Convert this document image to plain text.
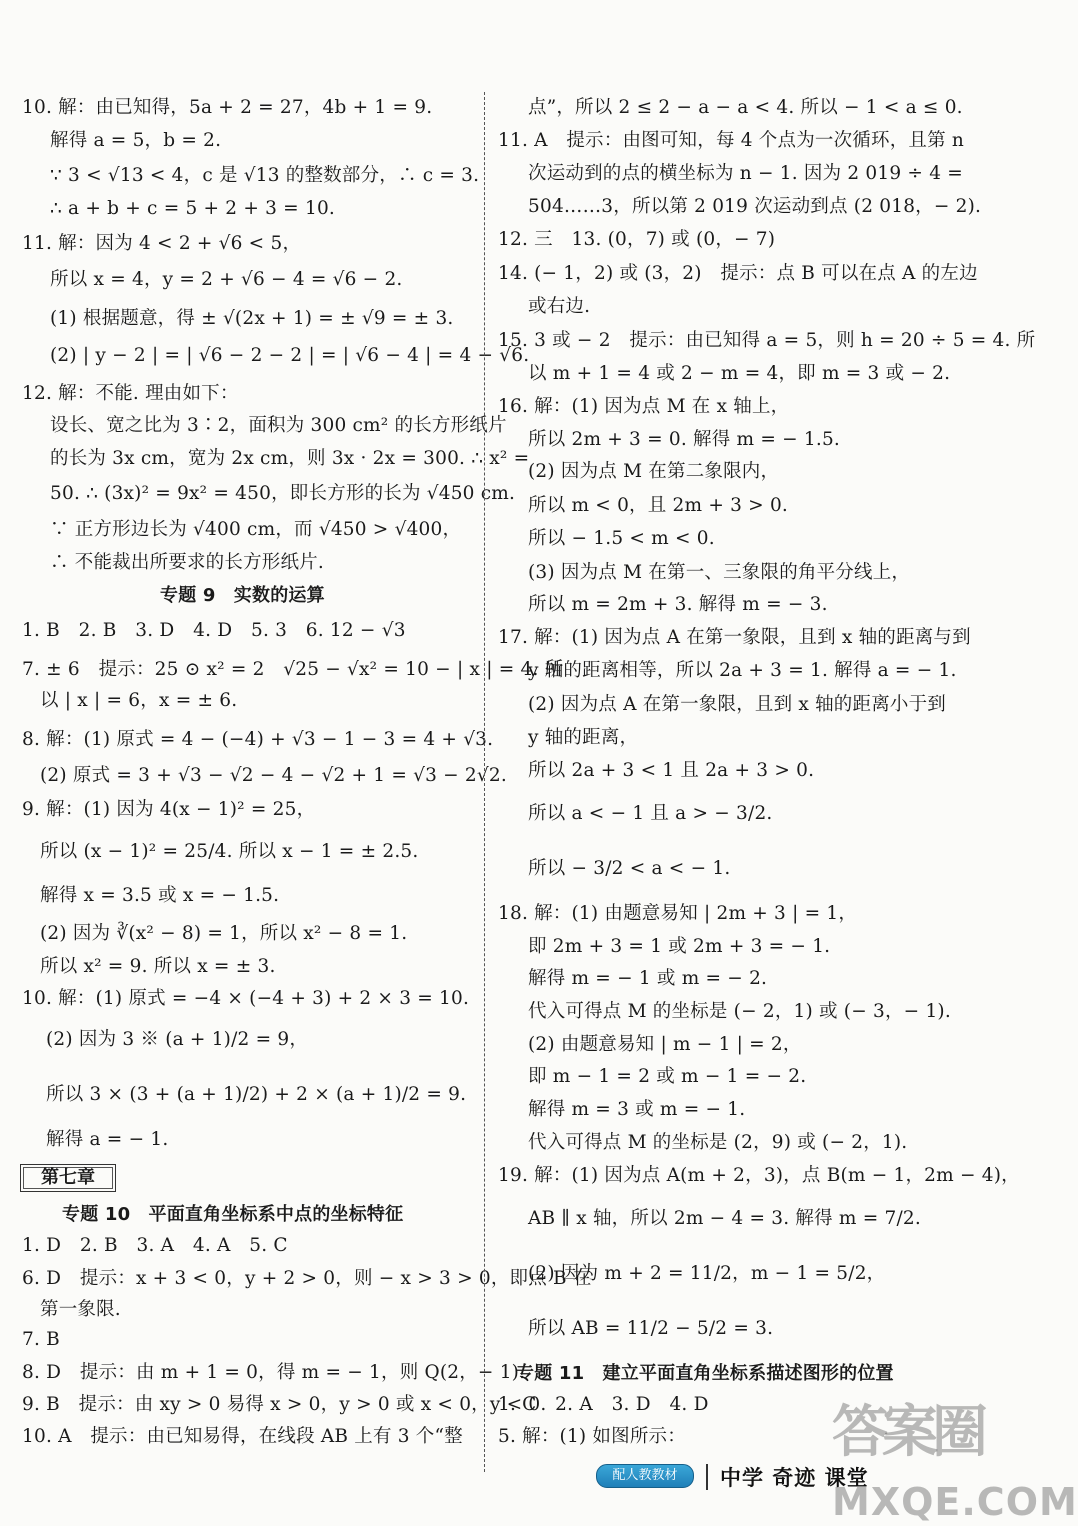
10. 解：由已知得，5a + 2 = 27，4b + 1 = 9.
解得 a = 5，b = 2.
∵ 3 < √13 < 4，c 是 √13 的整数部分，∴ c = 3.
∴ a + b + c = 5 + 2 + 3 = 10.
11. 解：因为 4 < 2 + √6 < 5，
所以 x = 4，y = 2 + √6 − 4 = √6 − 2.
(1) 根据题意，得 ± √(2x + 1) = ± √9 = ± 3.
(2) | y − 2 | = | √6 − 2 − 2 | = | √6 − 4 | = 4 − √6.
12. 解：不能. 理由如下：
设长、宽之比为 3∶2，面积为 300 cm² 的长方形纸片
的长为 3x cm，宽为 2x cm，则 3x · 2x = 300. ∴ x² =
50. ∴ (3x)² = 9x² = 450，即长方形的长为 √450 cm.
∵ 正方形边长为 √400 cm，而 √450 > √400，
∴ 不能裁出所要求的长方形纸片.
专题 9　实数的运算
1. B　2. B　3. D　4. D　5. 3　6. 12 − √3
7. ± 6　提示：25 ⊙ x² = 2　√25 − √x² = 10 − | x | = 4. 所
以 | x | = 6，x = ± 6.
8. 解：(1) 原式 = 4 − (−4) + √3 − 1 − 3 = 4 + √3.
(2) 原式 = 3 + √3 − √2 − 4 − √2 + 1 = √3 − 2√2.
9. 解：(1) 因为 4(x − 1)² = 25，
所以 (x − 1)² = 25/4. 所以 x − 1 = ± 2.5.
解得 x = 3.5 或 x = − 1.5.
(2) 因为 ∛(x² − 8) = 1，所以 x² − 8 = 1.
所以 x² = 9. 所以 x = ± 3.
10. 解：(1) 原式 = −4 × (−4 + 3) + 2 × 3 = 10.
(2) 因为 3 ※ (a + 1)/2 = 9，
所以 3 × (3 + (a + 1)/2) + 2 × (a + 1)/2 = 9.
解得 a = − 1.
第七章
专题 10　平面直角坐标系中点的坐标特征
1. D　2. B　3. A　4. A　5. C
6. D　提示：x + 3 < 0，y + 2 > 0，则 − x > 3 > 0，即点 B 在
第一象限.
7. B
8. D　提示：由 m + 1 = 0，得 m = − 1，则 Q(2，− 1).
9. B　提示：由 xy > 0 易得 x > 0，y > 0 或 x < 0，y < 0.
10. A　提示：由已知易得，在线段 AB 上有 3 个“整
点”，所以 2 ≤ 2 − a − a < 4. 所以 − 1 < a ≤ 0.
11. A　提示：由图可知，每 4 个点为一次循环，且第 n
次运动到的点的横坐标为 n − 1. 因为 2 019 ÷ 4 =
504……3，所以第 2 019 次运动到点 (2 018，− 2).
12. 三　13. (0，7) 或 (0，− 7)
14. (− 1，2) 或 (3，2)　提示：点 B 可以在点 A 的左边
或右边.
15. 3 或 − 2　提示：由已知得 a = 5，则 h = 20 ÷ 5 = 4. 所
以 m + 1 = 4 或 2 − m = 4，即 m = 3 或 − 2.
16. 解：(1) 因为点 M 在 x 轴上，
所以 2m + 3 = 0. 解得 m = − 1.5.
(2) 因为点 M 在第二象限内，
所以 m < 0，且 2m + 3 > 0.
所以 − 1.5 < m < 0.
(3) 因为点 M 在第一、三象限的角平分线上，
所以 m = 2m + 3. 解得 m = − 3.
17. 解：(1) 因为点 A 在第一象限，且到 x 轴的距离与到
y 轴的距离相等，所以 2a + 3 = 1. 解得 a = − 1.
(2) 因为点 A 在第一象限，且到 x 轴的距离小于到
y 轴的距离，
所以 2a + 3 < 1 且 2a + 3 > 0.
所以 a < − 1 且 a > − 3/2.
所以 − 3/2 < a < − 1.
18. 解：(1) 由题意易知 | 2m + 3 | = 1，
即 2m + 3 = 1 或 2m + 3 = − 1.
解得 m = − 1 或 m = − 2.
代入可得点 M 的坐标是 (− 2，1) 或 (− 3，− 1).
(2) 由题意易知 | m − 1 | = 2，
即 m − 1 = 2 或 m − 1 = − 2.
解得 m = 3 或 m = − 1.
代入可得点 M 的坐标是 (2，9) 或 (− 2，1).
19. 解：(1) 因为点 A(m + 2，3)，点 B(m − 1，2m − 4)，
AB ∥ x 轴，所以 2m − 4 = 3. 解得 m = 7/2.
(2) 因为 m + 2 = 11/2，m − 1 = 5/2，
所以 AB = 11/2 − 5/2 = 3.
专题 11　建立平面直角坐标系描述图形的位置
1. C　2. A　3. D　4. D
5. 解：(1) 如图所示：
配人教教材	中学 奇迹 课堂
答案圈
MXQE.COM
